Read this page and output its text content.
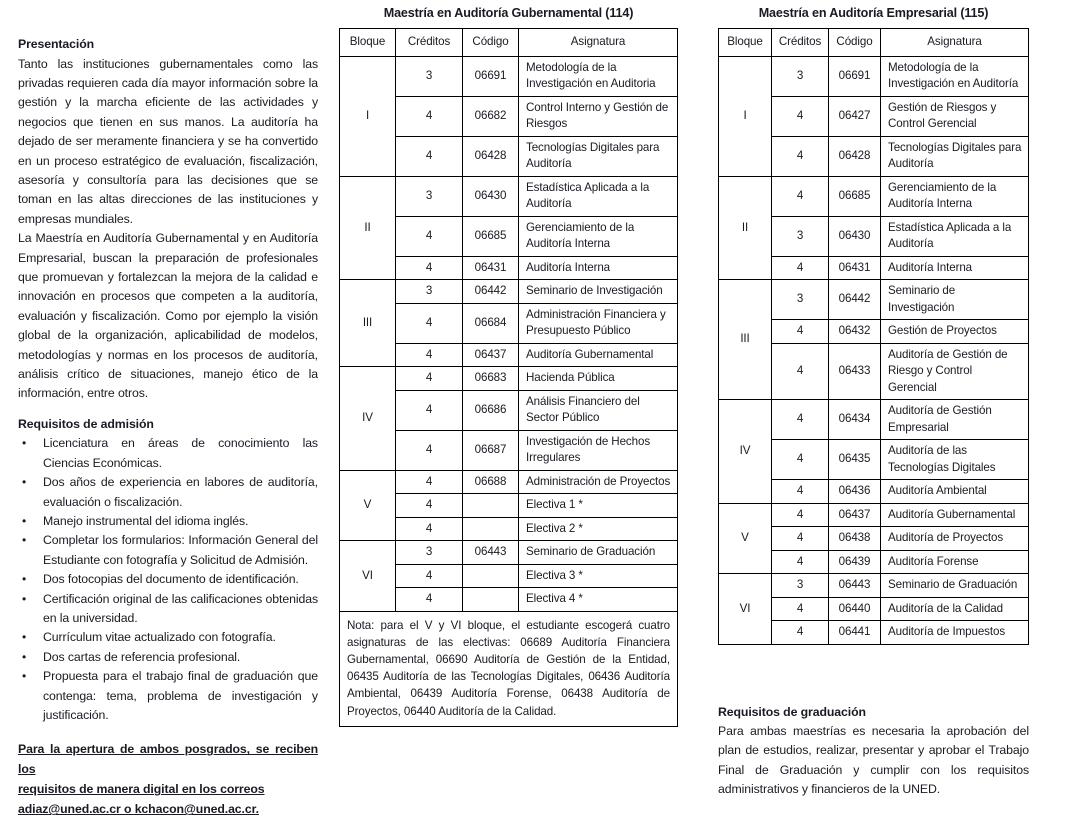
Presentación

Tanto las instituciones gubernamentales como las privadas requieren cada día mayor información sobre la gestión y la marcha eficiente de las actividades y negocios que tienen en sus manos. La auditoría ha dejado de ser meramente financiera y se ha convertido en un proceso estratégico de evaluación, fiscalización, asesoría y consultoría para las decisiones que se toman en las altas direcciones de las instituciones y empresas mundiales.

La Maestría en Auditoría Gubernamental y en Auditoría Empresarial, buscan la preparación de profesionales que promuevan y fortalezcan la mejora de la calidad e innovación en procesos que competen a la auditoría, evaluación y fiscalización. Como por ejemplo la visión global de la organización, aplicabilidad de modelos, metodologías y normas en los procesos de auditoría, análisis crítico de situaciones, manejo ético de la información, entre otros.

Requisitos de admisión
• Licenciatura en áreas de conocimiento las Ciencias Económicas.
• Dos años de experiencia en labores de auditoría, evaluación o fiscalización.
• Manejo instrumental del idioma inglés.
• Completar los formularios: Información General del Estudiante con fotografía y Solicitud de Admisión.
• Dos fotocopias del documento de identificación.
• Certificación original de las calificaciones obtenidas en la universidad.
• Currículum vitae actualizado con fotografía.
• Dos cartas de referencia profesional.
• Propuesta para el trabajo final de graduación que contenga: tema, problema de investigación y justificación.
Para la apertura de ambos posgrados, se reciben los
requisitos de manera digital en los correos
adiaz@uned.ac.cr o kchacon@uned.ac.cr.
Maestría en Auditoría Gubernamental (114)
Bloque	Créditos	Código	Asignatura
I	3	06691	Metodología de la Investigación en Auditoria
	4	06682	Control Interno y Gestión de Riesgos
	4	06428	Tecnologías Digitales para Auditoría
II	3	06430	Estadística Aplicada a la Auditoría
	4	06685	Gerenciamiento de la Auditoría Interna
	4	06431	Auditoría Interna
III	3	06442	Seminario de Investigación
	4	06684	Administración Financiera y Presupuesto Público
	4	06437	Auditoría Gubernamental
IV	4	06683	Hacienda Pública
	4	06686	Análisis Financiero del Sector Público
	4	06687	Investigación de Hechos Irregulares
V	4	06688	Administración de Proyectos
	4		Electiva 1 *
	4		Electiva 2 *
VI	3	06443	Seminario de Graduación
	4		Electiva 3 *
	4		Electiva 4 *
Nota: para el V y VI bloque, el estudiante escogerá cuatro asignaturas de las electivas: 06689 Auditoría Financiera Gubernamental, 06690 Auditoría de Gestión de la Entidad, 06435 Auditoría de las Tecnologías Digitales, 06436 Auditoría Ambiental, 06439 Auditoría Forense, 06438 Auditoría de Proyectos, 06440 Auditoría de la Calidad.
Maestría en Auditoría Empresarial (115)
Bloque	Créditos	Código	Asignatura
I	3	06691	Metodología de la Investigación en Auditoría
	4	06427	Gestión de Riesgos y Control Gerencial
	4	06428	Tecnologías Digitales para Auditoría
II	4	06685	Gerenciamiento de la Auditoría Interna
	3	06430	Estadística Aplicada a la Auditoría
	4	06431	Auditoría Interna
III	3	06442	Seminario de Investigación
	4	06432	Gestión de Proyectos
	4	06433	Auditoría de Gestión de Riesgo y Control Gerencial
IV	4	06434	Auditoría de Gestión Empresarial
	4	06435	Auditoría de las Tecnologías Digitales
	4	06436	Auditoría Ambiental
V	4	06437	Auditoría Gubernamental
	4	06438	Auditoría de Proyectos
	4	06439	Auditoría Forense
VI	3	06443	Seminario de Graduación
	4	06440	Auditoría de la Calidad
	4	06441	Auditoría de Impuestos
Requisitos de graduación

Para ambas maestrías es necesaria la aprobación del plan de estudios, realizar, presentar y aprobar el Trabajo Final de Graduación y cumplir con los requisitos administrativos y financieros de la UNED.
